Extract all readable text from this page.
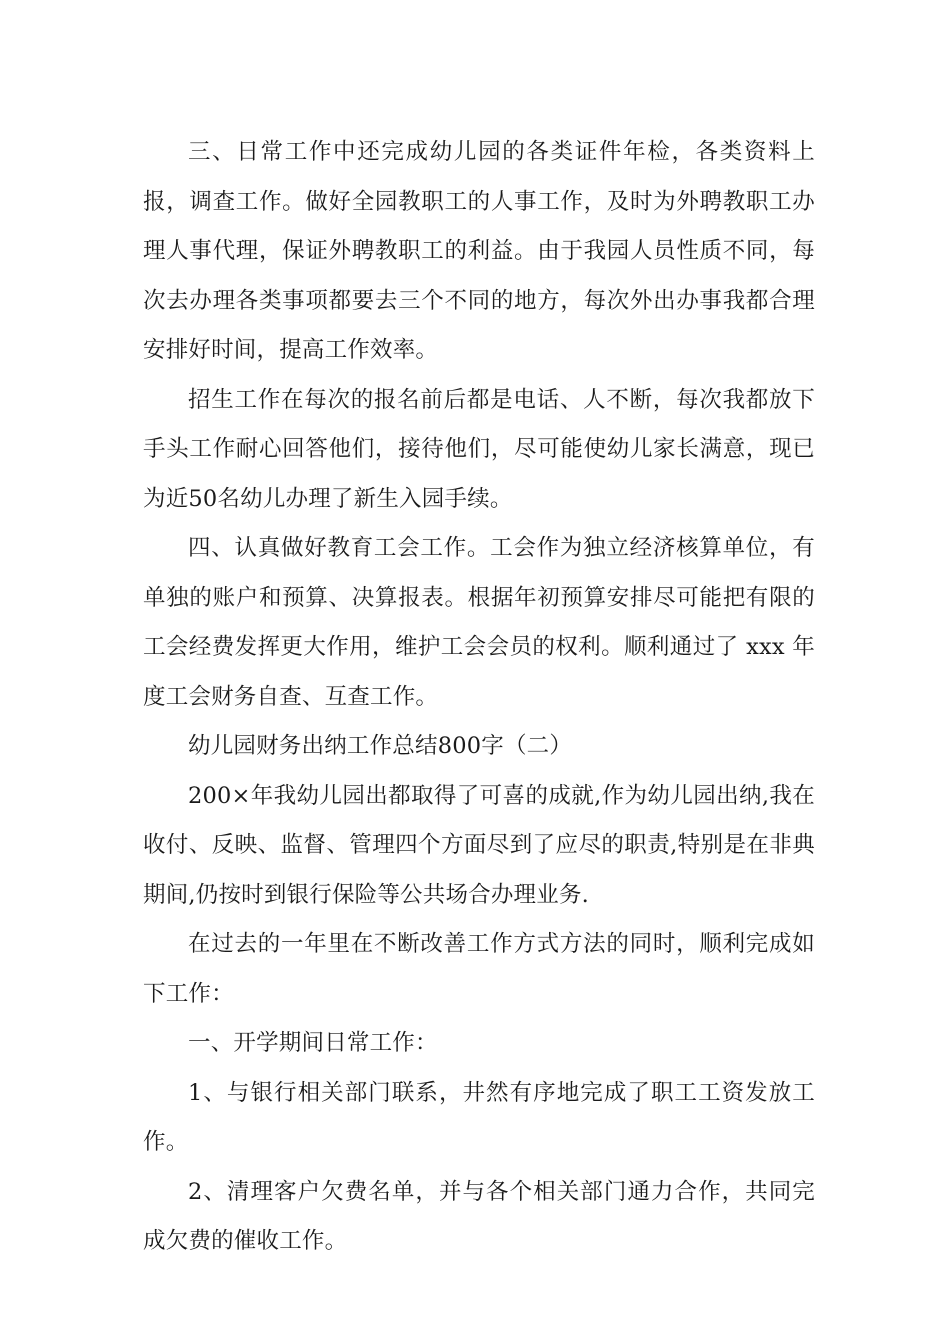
三、日常工作中还完成幼儿园的各类证件年检，各类资料上报，调查工作。做好全园教职工的人事工作，及时为外聘教职工办理人事代理，保证外聘教职工的利益。由于我园人员性质不同，每次去办理各类事项都要去三个不同的地方，每次外出办事我都合理安排好时间，提高工作效率。

招生工作在每次的报名前后都是电话、人不断，每次我都放下手头工作耐心回答他们，接待他们，尽可能使幼儿家长满意，现已为近50名幼儿办理了新生入园手续。

四、认真做好教育工会工作。工会作为独立经济核算单位，有单独的账户和预算、决算报表。根据年初预算安排尽可能把有限的工会经费发挥更大作用，维护工会会员的权利。顺利通过了 xxx 年度工会财务自查、互查工作。

幼儿园财务出纳工作总结800字（二）

200×年我幼儿园出都取得了可喜的成就,作为幼儿园出纳,我在收付、反映、监督、管理四个方面尽到了应尽的职责,特别是在非典期间,仍按时到银行保险等公共场合办理业务.

在过去的一年里在不断改善工作方式方法的同时，顺利完成如下工作：

一、开学期间日常工作：

1、与银行相关部门联系，井然有序地完成了职工工资发放工作。

2、清理客户欠费名单，并与各个相关部门通力合作，共同完成欠费的催收工作。
